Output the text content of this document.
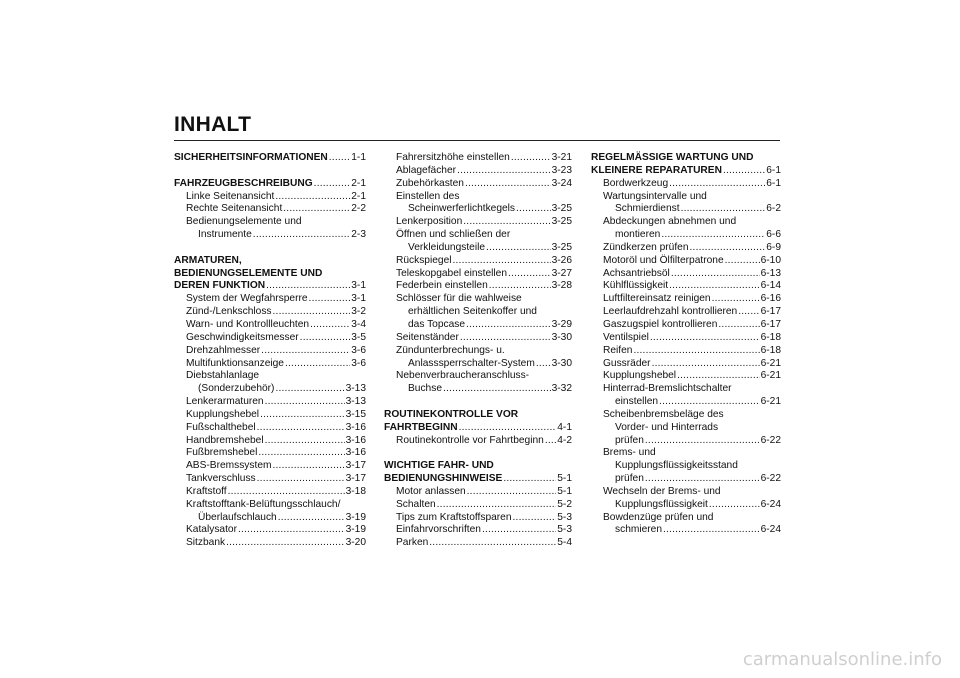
INHALT
SICHERHEITSINFORMATIONEN ..... 1-1
FAHRZEUGBESCHREIBUNG .....	2-1
Linke Seitenansicht .....	2-1
Rechte Seitenansicht .....	2-2
Bedienungselemente und
Instrumente .....	2-3
ARMATUREN,
BEDIENUNGSELEMENTE UND
DEREN FUNKTION .....	3-1
System der Wegfahrsperre .....	3-1
Zünd-/Lenkschloss .....	3-2
Warn- und Kontrollleuchten .....	3-4
Geschwindigkeitsmesser .....	3-5
Drehzahlmesser .....	3-6
Multifunktionsanzeige .....	3-6
Diebstahlanlage
(Sonderzubehör) .....	3-13
Lenkerarmaturen .....	3-13
Kupplungshebel .....	3-15
Fußschalthebel .....	3-16
Handbremshebel .....	3-16
Fußbremshebel .....	3-16
ABS-Bremssystem .....	3-17
Tankverschluss .....	3-17
Kraftstoff .....	3-18
Kraftstofftank-Belüftungsschlauch/
Überlaufschlauch .....	3-19
Katalysator .....	3-19
Sitzbank .....	3-20
Fahrersitzhöhe einstellen .....	3-21
Ablagefächer .....	3-23
Zubehörkasten .....	3-24
Einstellen des
Scheinwerferlichtkegels .....	3-25
Lenkerposition .....	3-25
Öffnen und schließen der
Verkleidungsteile .....	3-25
Rückspiegel .....	3-26
Teleskopgabel einstellen .....	3-27
Federbein einstellen .....	3-28
Schlösser für die wahlweise
erhältlichen Seitenkoffer und
das Topcase .....	3-29
Seitenständer .....	3-30
Zündunterbrechungs- u.
Anlasssperrschalter-System ..... 3-30
Nebenverbraucheranschluss-
Buchse .....	3-32
ROUTINEKONTROLLE VOR
FAHRTBEGINN .....	4-1
Routinekontrolle vor Fahrtbeginn ..... 4-2
WICHTIGE FAHR- UND
BEDIENUNGSHINWEISE .....	5-1
Motor anlassen .....	5-1
Schalten .....	5-2
Tips zum Kraftstoffsparen .....	5-3
Einfahrvorschriften .....	5-3
Parken .....	5-4
REGELMÄSSIGE WARTUNG UND
KLEINERE REPARATUREN .....	6-1
Bordwerkzeug .....	6-1
Wartungsintervalle und
Schmierdienst .....	6-2
Abdeckungen abnehmen und
montieren .....	6-6
Zündkerzen prüfen .....	6-9
Motoröl und Ölfilterpatrone .....	6-10
Achsantriebsöl .....	6-13
Kühlflüssigkeit .....	6-14
Luftfiltereinsatz reinigen .....	6-16
Leerlaufdrehzahl kontrollieren ..... 6-17
Gaszugspiel kontrollieren .....	6-17
Ventilspiel .....	6-18
Reifen .....	6-18
Gussräder .....	6-21
Kupplungshebel .....	6-21
Hinterrad-Bremslichtschalter
einstellen .....	6-21
Scheibenbremsbeläge des
Vorder- und Hinterrads
prüfen .....	6-22
Brems- und
Kupplungsflüssigkeitsstand
prüfen .....	6-22
Wechseln der Brems- und
Kupplungsflüssigkeit .....	6-24
Bowdenzüge prüfen und
schmieren .....	6-24
carmanualsonline.info
